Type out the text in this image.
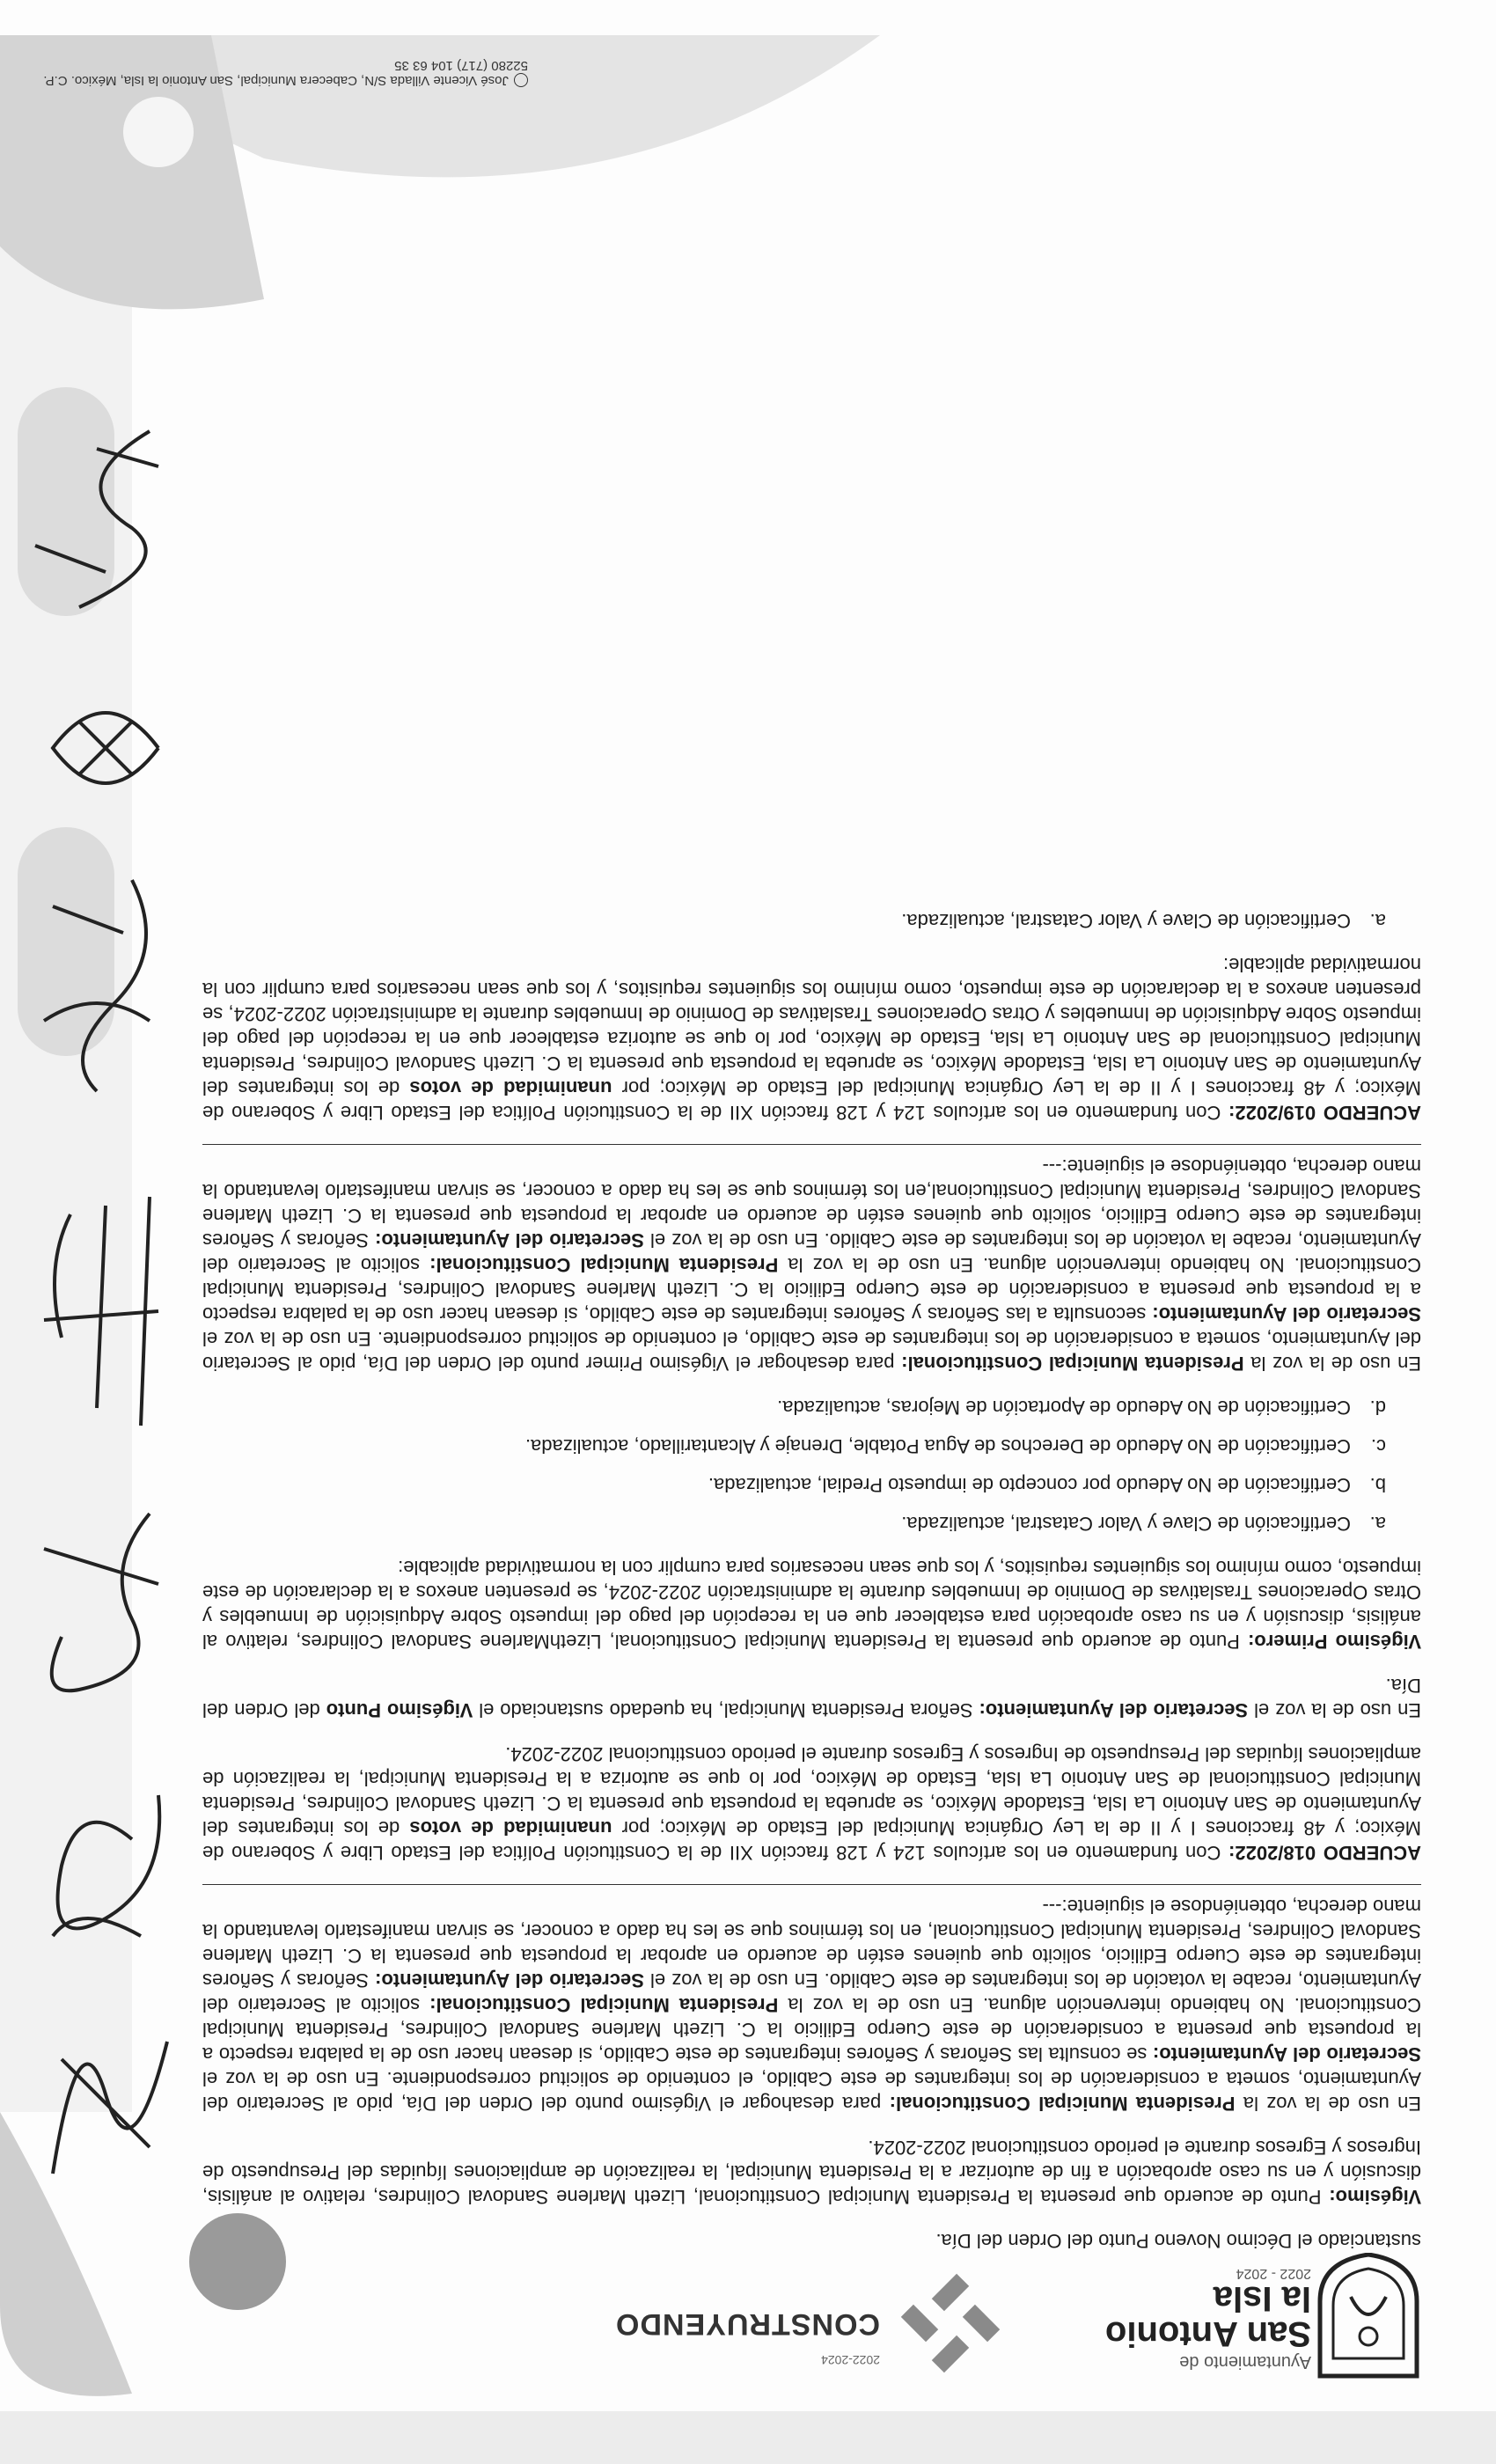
Ayuntamiento de
San Antonio
la Isla
2022 - 2024
2022-2024
CONSTRUYENDO
José Vicente Villada S/N, Cabecera Municipal, San Antonio la Isla, México. C.P. 52280 (717) 104 63 35

sustanciado el Décimo Noveno Punto del Orden del Día.

Vigésimo: Punto de acuerdo que presenta la Presidenta Municipal Constitucional, Lizeth Marlene Sandoval Colindres, relativo al análisis, discusión y en su caso aprobación a fin de autorizar a la Presidenta Municipal, la realización de ampliaciones líquidas del Presupuesto de Ingresos y Egresos durante el periodo constitucional 2022-2024.

En uso de la voz la Presidenta Municipal Constitucional: para desahogar el Vigésimo punto del Orden del Día, pido al Secretario del Ayuntamiento, someta a consideración de los integrantes de este Cabildo, el contenido de solicitud correspondiente. En uso de la voz el Secretario del Ayuntamiento: se consulta las Señoras y Señores integrantes de este Cabildo, si desean hacer uso de la palabra respecto a la propuesta que presenta a consideración de este Cuerpo Edilicio la C. Lizeth Marlene Sandoval Colindres, Presidenta Municipal Constitucional. No habiendo intervención alguna. En uso de la voz la Presidenta Municipal Constitucional: solicito al Secretario del Ayuntamiento, recabe la votación de los integrantes de este Cabildo. En uso de la voz el Secretario del Ayuntamiento: Señoras y Señores integrantes de este Cuerpo Edilicio, solicito que quienes estén de acuerdo en aprobar la propuesta que presenta la C. Lizeth Marlene Sandoval Colindres, Presidenta Municipal Constitucional, en los términos que se les ha dado a conocer, se sirvan manifestarlo levantando la mano derecha, obteniéndose el siguiente:---

ACUERDO 018/2022: Con fundamento en los artículos 124 y 128 fracción XII de la Constitución Política del Estado Libre y Soberano de México; y 48 fracciones I y II de la Ley Orgánica Municipal del Estado de México; por unanimidad de votos de los integrantes del Ayuntamiento de San Antonio La Isla, Estadode México, se aprueba la propuesta que presenta la C. Lizeth Sandoval Colindres, Presidenta Municipal Constitucional de San Antonio La Isla, Estado de México, por lo que se autoriza a la Presidenta Municipal, la realización de ampliaciones líquidas del Presupuesto de Ingresos y Egresos durante el periodo constitucional 2022-2024.

En uso de la voz el Secretario del Ayuntamiento: Señora Presidenta Municipal, ha quedado sustanciado el Vigésimo Punto del Orden del Día.

Vigésimo Primero: Punto de acuerdo que presenta la Presidenta Municipal Constitucional, LizethMarlene Sandoval Colindres, relativo al análisis, discusión y en su caso aprobación para establecer que en la recepción del pago del impuesto Sobre Adquisición de Inmuebles y Otras Operaciones Traslativas de Dominio de Inmuebles durante la administración 2022-2024, se presenten anexos a la declaración de este impuesto, como mínimo los siguientes requisitos, y los que sean necesarios para cumplir con la normatividad aplicable:

a.
Certificación de Clave y Valor Catastral, actualizada.
b.
Certificación de No Adeudo por concepto de impuesto Predial, actualizada.
c.
Certificación de No Adeudo de Derechos de Agua Potable, Drenaje y Alcantarillado, actualizada.
d.
Certificación de No Adeudo de Aportación de Mejoras, actualizada.

En uso de la voz la Presidenta Municipal Constitucional: para desahogar el Vigésimo Primer punto del Orden del Día, pido al Secretario del Ayuntamiento, someta a consideración de los integrantes de este Cabildo, el contenido de solicitud correspondiente. En uso de la voz el Secretario del Ayuntamiento: seconsulta a las Señoras y Señores integrantes de este Cabildo, si desean hacer uso de la palabra respecto a la propuesta que presenta a consideración de este Cuerpo Edilicio la C. Lizeth Marlene Sandoval Colindres, Presidenta Municipal Constitucional. No habiendo intervención alguna. En uso de la voz la Presidenta Municipal Constitucional: solicito al Secretario del Ayuntamiento, recabe la votación de los integrantes de este Cabildo. En uso de la voz el Secretario del Ayuntamiento: Señoras y Señores integrantes de este Cuerpo Edilicio, solicito que quienes estén de acuerdo en aprobar la propuesta que presenta la C. Lizeth Marlene Sandoval Colindres, Presidenta Municipal Constitucional,en los términos que se les ha dado a conocer, se sirvan manifestarlo levantando la mano derecha, obteniéndose el siguiente:---

ACUERDO 019/2022: Con fundamento en los artículos 124 y 128 fracción XII de la Constitución Política del Estado Libre y Soberano de México; y 48 fracciones I y II de la Ley Orgánica Municipal del Estado de México; por unanimidad de votos de los integrantes del Ayuntamiento de San Antonio La Isla, Estadode México, se aprueba la propuesta que presenta la C. Lizeth Sandoval Colindres, Presidenta Municipal Constitucional de San Antonio La Isla, Estado de México, por lo que se autoriza establecer que en la recepción del pago del impuesto Sobre Adquisición de Inmuebles y Otras Operaciones Traslativas de Dominio de Inmuebles durante la administración 2022-2024, se presenten anexos a la declaración de este impuesto, como mínimo los siguientes requisitos, y los que sean necesarios para cumplir con la normatividad aplicable:

a.
Certificación de Clave y Valor Catastral, actualizada.
